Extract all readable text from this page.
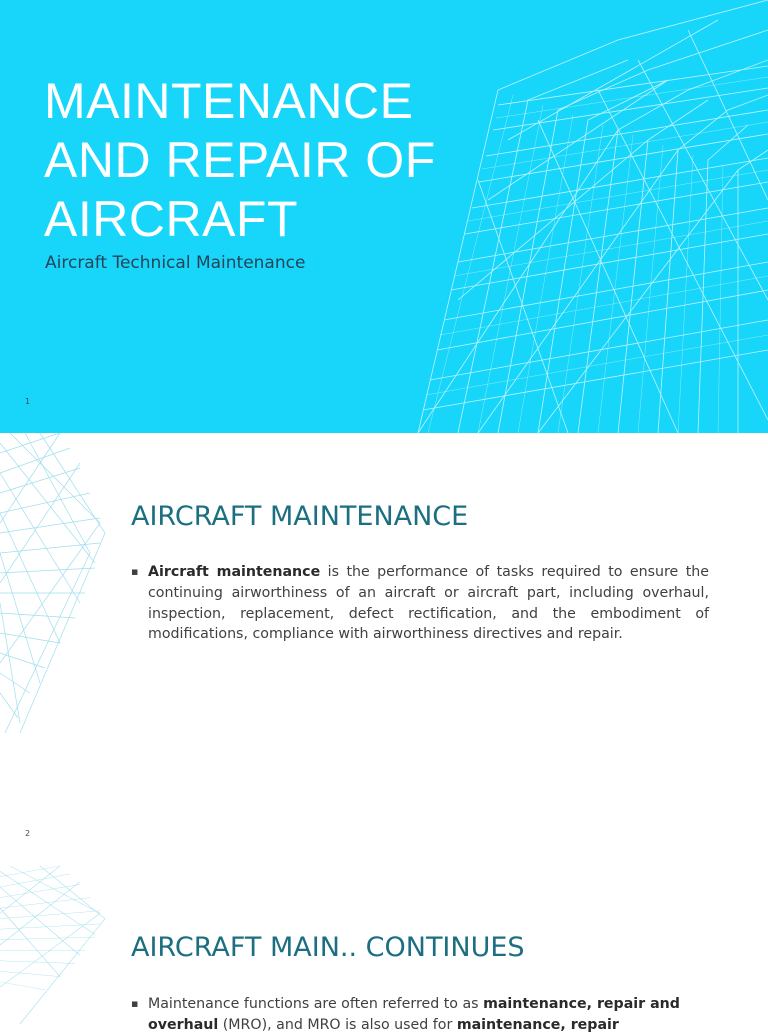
MAINTENANCE AND REPAIR OF AIRCRAFT

Aircraft Technical Maintenance

1
AIRCRAFT MAINTENANCE
▪ Aircraft maintenance is the performance of tasks required to ensure the continuing airworthiness of an aircraft or aircraft part, including overhaul, inspection, replacement, defect rectification, and the embodiment of modifications, compliance with airworthiness directives and repair.
2
AIRCRAFT MAIN.. CONTINUES
▪ Maintenance functions are often referred to as maintenance, repair and overhaul (MRO), and MRO is also used for maintenance, repair
